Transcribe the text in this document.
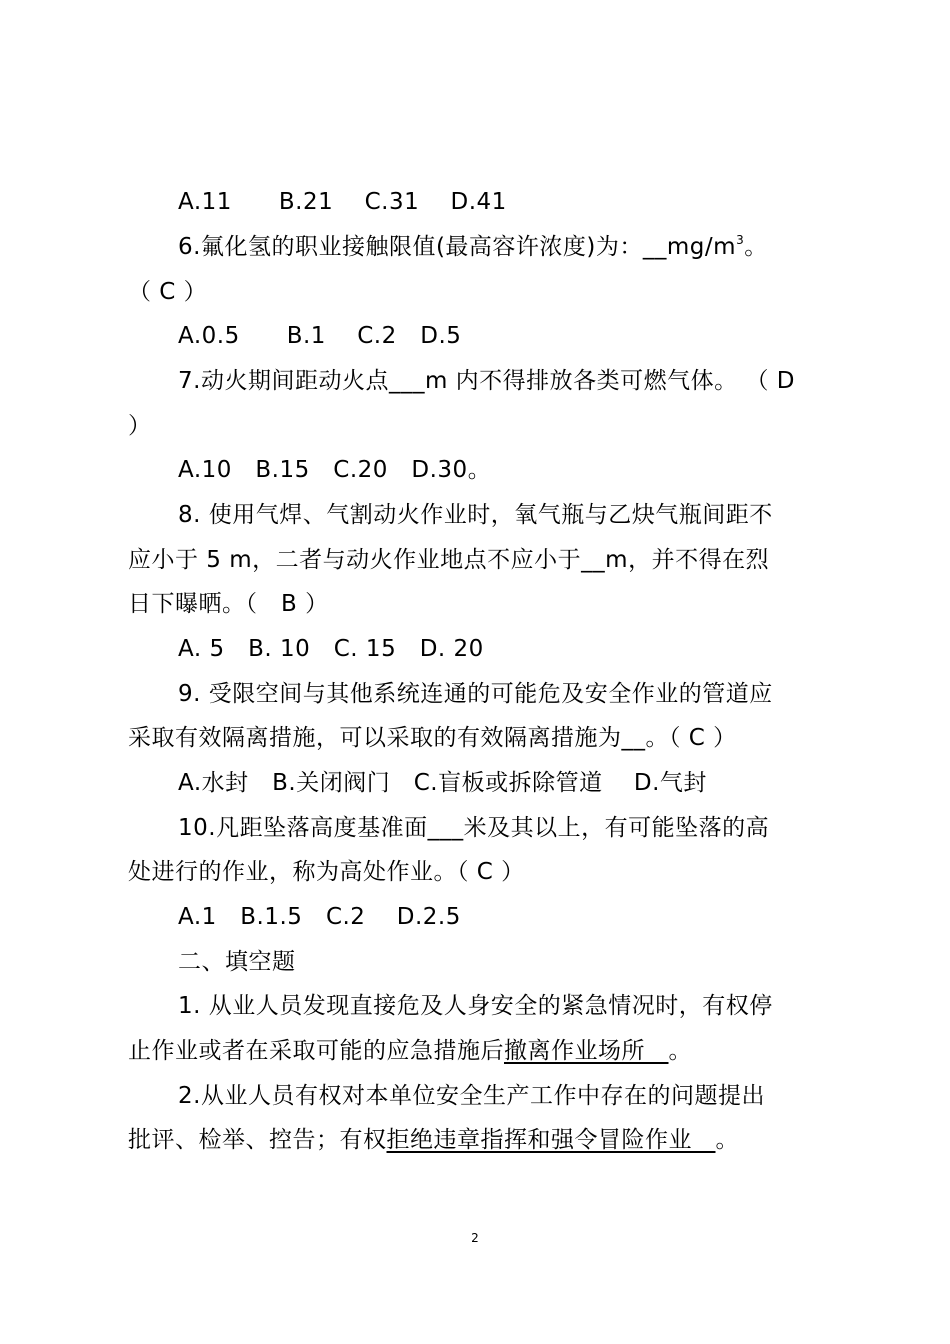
A.11　　B.21　 C.31　 D.41
6.氟化氢的职业接触限值(最高容许浓度)为：$\_\_mg/m^3$。
（ C ）
A.0.5　　B.1　 C.2　D.5
7.动火期间距动火点___m 内不得排放各类可燃气体。 （ D
）
A.10　B.15　C.20　D.30。
8. 使用气焊、气割动火作业时，氧气瓶与乙炔气瓶间距不
应小于 5 m，二者与动火作业地点不应小于__m，并不得在烈
日下曝晒。（　B ）
A. 5　B. 10　C. 15　D. 20
9. 受限空间与其他系统连通的可能危及安全作业的管道应
采取有效隔离措施，可以采取的有效隔离措施为__。（ C ）
A.水封　B.关闭阀门　C.盲板或拆除管道　 D.气封
10.凡距坠落高度基准面___米及其以上，有可能坠落的高
处进行的作业，称为高处作业。（ C ）
A.1　B.1.5　C.2　 D.2.5
二、填空题
1. 从业人员发现直接危及人身安全的紧急情况时，有权停
止作业或者在采取可能的应急措施后撤离作业场所　。
2.从业人员有权对本单位安全生产工作中存在的问题提出
批评、检举、控告；有权拒绝违章指挥和强令冒险作业　。
2
